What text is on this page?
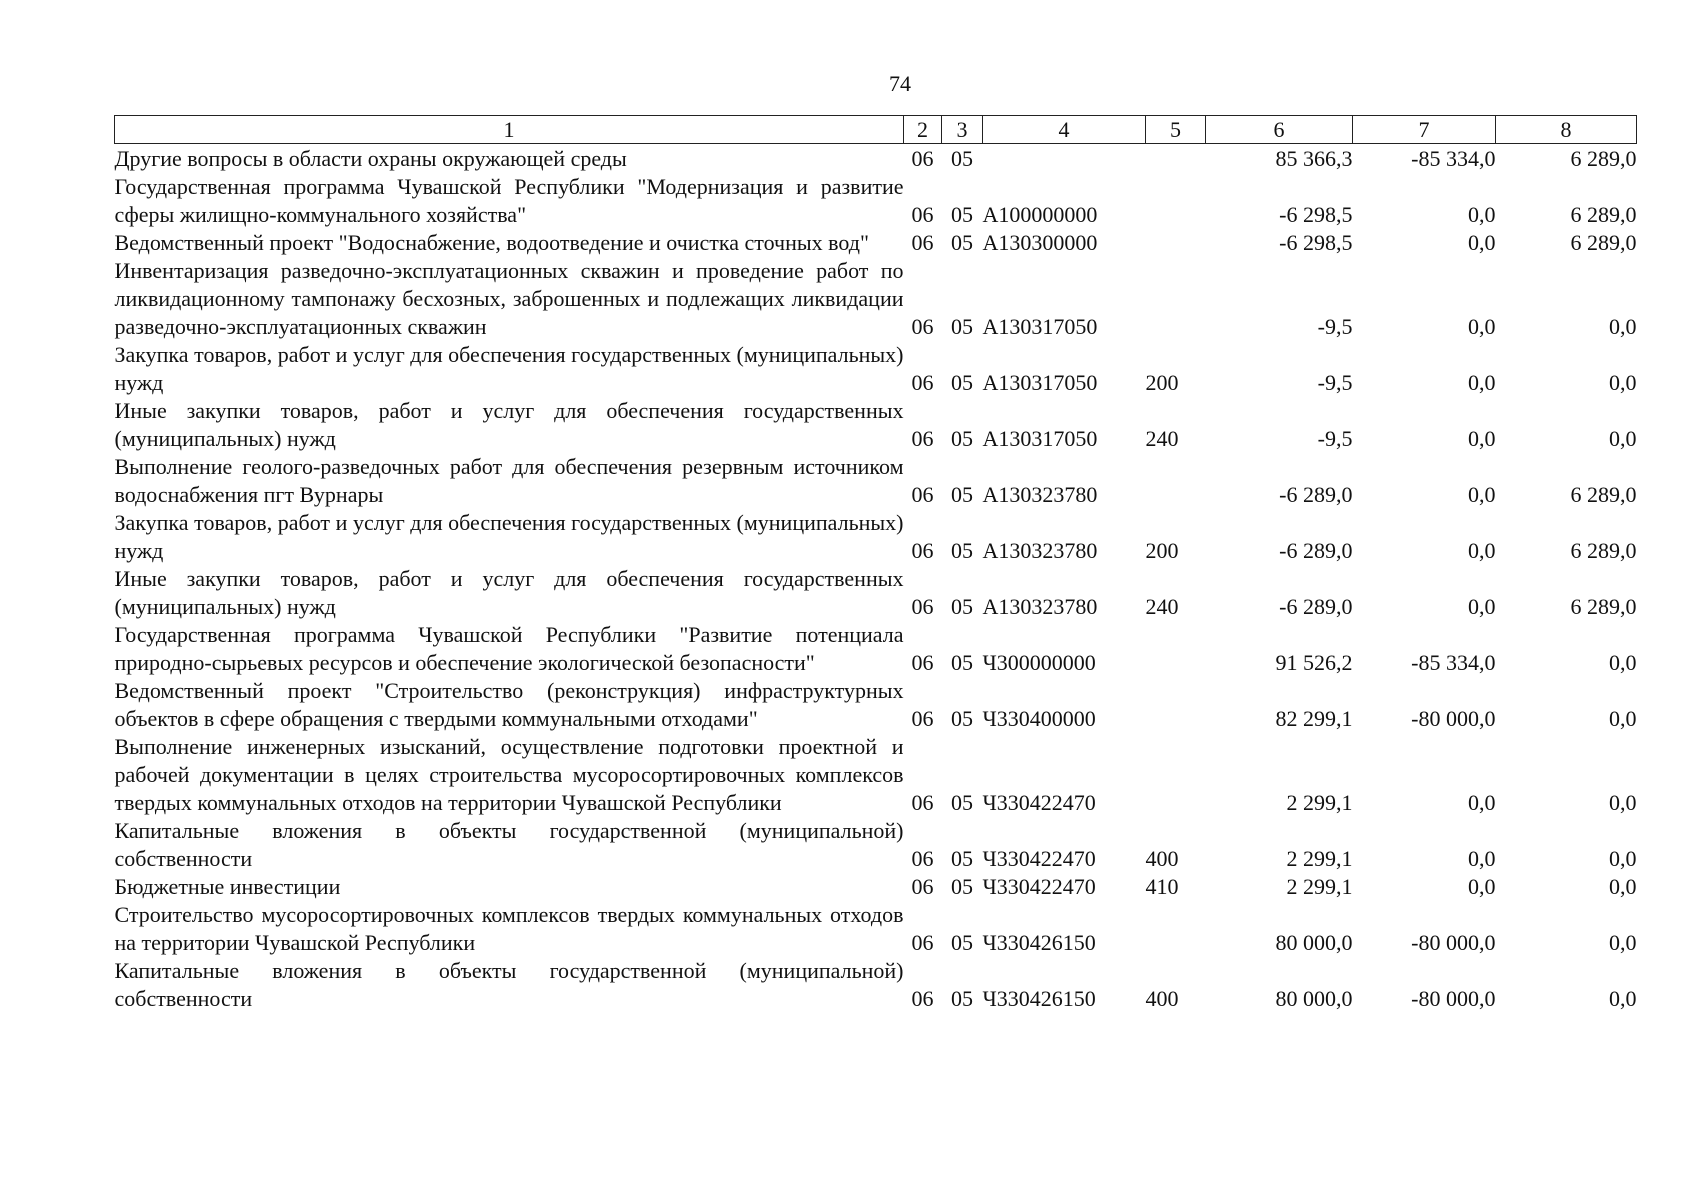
74
1	2	3	4	5	6	7	8
Другие вопросы в области охраны окружающей среды	06	05			85 366,3	-85 334,0	6 289,0
Государственная программа Чувашской Республики "Модернизация и развитие сферы жилищно-коммунального хозяйства"	06	05	А100000000		-6 298,5	0,0	6 289,0
Ведомственный проект "Водоснабжение, водоотведение и очистка сточных вод"	06	05	А130300000		-6 298,5	0,0	6 289,0
Инвентаризация разведочно-эксплуатационных скважин и проведение работ по ликвидационному тампонажу бесхозных, заброшенных и подлежащих ликвидации разведочно-эксплуатационных скважин	06	05	А130317050		-9,5	0,0	0,0
Закупка товаров, работ и услуг для обеспечения государственных (муниципальных) нужд	06	05	А130317050	200	-9,5	0,0	0,0
Иные закупки товаров, работ и услуг для обеспечения государственных (муниципальных) нужд	06	05	А130317050	240	-9,5	0,0	0,0
Выполнение геолого-разведочных работ для обеспечения резервным источником водоснабжения пгт Вурнары	06	05	А130323780		-6 289,0	0,0	6 289,0
Закупка товаров, работ и услуг для обеспечения государственных (муниципальных) нужд	06	05	А130323780	200	-6 289,0	0,0	6 289,0
Иные закупки товаров, работ и услуг для обеспечения государственных (муниципальных) нужд	06	05	А130323780	240	-6 289,0	0,0	6 289,0
Государственная программа Чувашской Республики "Развитие потенциала природно-сырьевых ресурсов и обеспечение экологической безопасности"	06	05	Ч300000000		91 526,2	-85 334,0	0,0
Ведомственный проект "Строительство (реконструкция) инфраструктурных объектов в сфере обращения с твердыми коммунальными отходами"	06	05	Ч330400000		82 299,1	-80 000,0	0,0
Выполнение инженерных изысканий, осуществление подготовки проектной и рабочей документации в целях строительства мусоросортировочных комплексов твердых коммунальных отходов на территории Чувашской Республики	06	05	Ч330422470		2 299,1	0,0	0,0
Капитальные вложения в объекты государственной (муниципальной) собственности	06	05	Ч330422470	400	2 299,1	0,0	0,0
Бюджетные инвестиции	06	05	Ч330422470	410	2 299,1	0,0	0,0
Строительство мусоросортировочных комплексов твердых коммунальных отходов на территории Чувашской Республики	06	05	Ч330426150		80 000,0	-80 000,0	0,0
Капитальные вложения в объекты государственной (муниципальной) собственности	06	05	Ч330426150	400	80 000,0	-80 000,0	0,0
